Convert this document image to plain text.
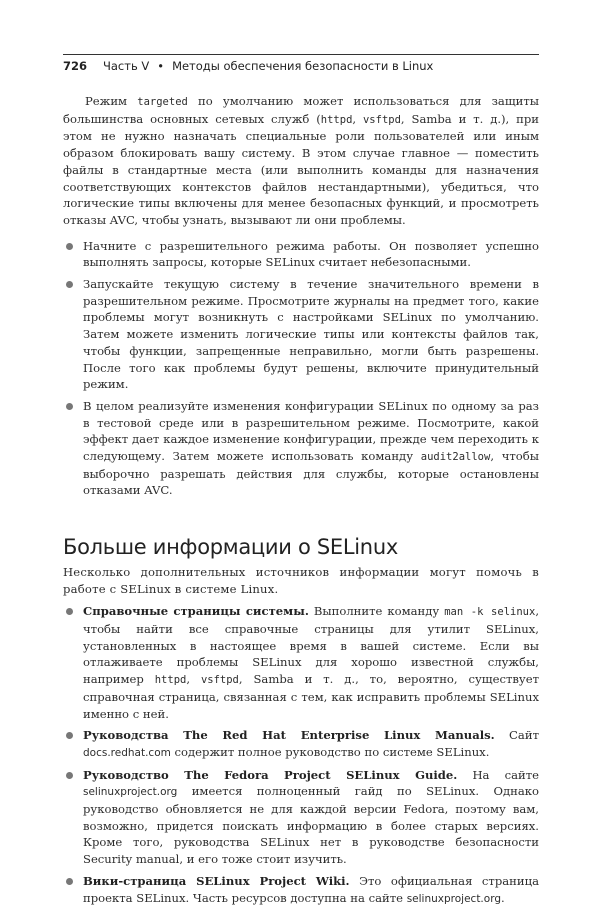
726	Часть V • Методы обеспечения безопасности в Linux

Режим targeted по умолчанию может использоваться для защиты большинства основных сетевых служб (httpd, vsftpd, Samba и т. д.), при этом не нужно назначать специальные роли пользователей или иным образом блокировать вашу систему. В этом случае главное — поместить файлы в стандартные места (или выполнить команды для назначения соответствующих контекстов файлов нестандартными), убедиться, что логические типы включены для менее безопасных функций, и просмотреть отказы AVC, чтобы узнать, вызывают ли они проблемы.

Начните с разрешительного режима работы. Он позволяет успешно выполнять запросы, которые SELinux считает небезопасными.
Запускайте текущую систему в течение значительного времени в разрешительном режиме. Просмотрите журналы на предмет того, какие проблемы могут возникнуть с настройками SELinux по умолчанию. Затем можете изменить логические типы или контексты файлов так, чтобы функции, запрещенные неправильно, могли быть разрешены. После того как проблемы будут решены, включите принудительный режим.
В целом реализуйте изменения конфигурации SELinux по одному за раз в тестовой среде или в разрешительном режиме. Посмотрите, какой эффект дает каждое изменение конфигурации, прежде чем переходить к следующему. Затем можете использовать команду audit2allow, чтобы выборочно разрешать действия для службы, которые остановлены отказами AVC.
Больше информации о SELinux

Несколько дополнительных источников информации могут помочь в работе с SELinux в системе Linux.

Справочные страницы системы. Выполните команду man -k selinux, чтобы найти все справочные страницы для утилит SELinux, установленных в настоящее время в вашей системе. Если вы отлаживаете проблемы SELinux для хорошо известной службы, например httpd, vsftpd, Samba и т. д., то, вероятно, существует справочная страница, связанная с тем, как исправить проблемы SELinux именно с ней.
Руководства The Red Hat Enterprise Linux Manuals. Сайт docs.redhat.com содержит полное руководство по системе SELinux.
Руководство The Fedora Project SELinux Guide. На сайте selinuxproject.org имеется полноценный гайд по SELinux. Однако руководство обновляется не для каждой версии Fedora, поэтому вам, возможно, придется поискать информацию в более старых версиях. Кроме того, руководства SELinux нет в руководстве безопасности Security manual, и его тоже стоит изучить.
Вики-страница SELinux Project Wiki. Это официальная страница проекта SELinux. Часть ресурсов доступна на сайте selinuxproject.org.
